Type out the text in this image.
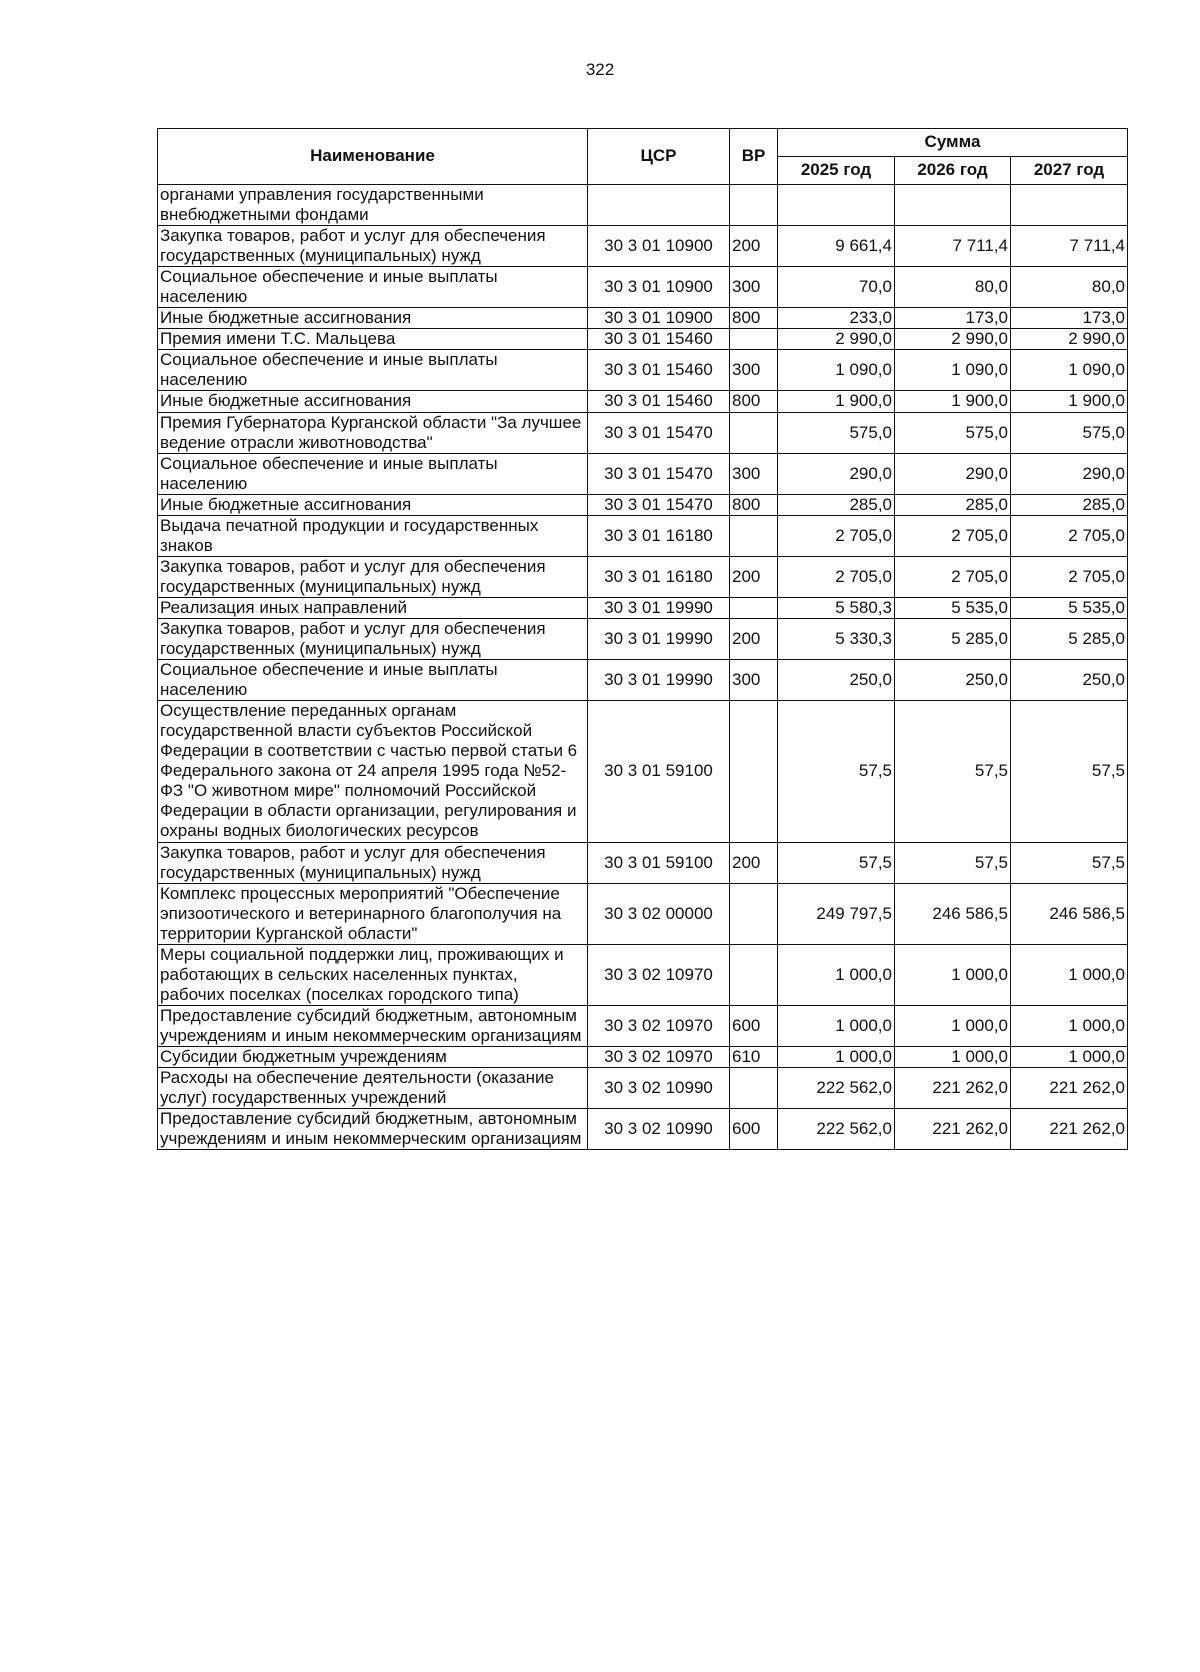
322
Наименование	ЦСР	ВР	Сумма		
			2025 год	2026 год	2027 год
органами управления государственными внебюджетными фондами					
Закупка товаров, работ и услуг для обеспечения государственных (муниципальных) нужд	30 3 01 10900	200	9 661,4	7 711,4	7 711,4
Социальное обеспечение и иные выплаты населению	30 3 01 10900	300	70,0	80,0	80,0
Иные бюджетные ассигнования	30 3 01 10900	800	233,0	173,0	173,0
Премия имени Т.С. Мальцева	30 3 01 15460		2 990,0	2 990,0	2 990,0
Социальное обеспечение и иные выплаты населению	30 3 01 15460	300	1 090,0	1 090,0	1 090,0
Иные бюджетные ассигнования	30 3 01 15460	800	1 900,0	1 900,0	1 900,0
Премия Губернатора Курганской области "За лучшее ведение отрасли животноводства"	30 3 01 15470		575,0	575,0	575,0
Социальное обеспечение и иные выплаты населению	30 3 01 15470	300	290,0	290,0	290,0
Иные бюджетные ассигнования	30 3 01 15470	800	285,0	285,0	285,0
Выдача печатной продукции и государственных знаков	30 3 01 16180		2 705,0	2 705,0	2 705,0
Закупка товаров, работ и услуг для обеспечения государственных (муниципальных) нужд	30 3 01 16180	200	2 705,0	2 705,0	2 705,0
Реализация иных направлений	30 3 01 19990		5 580,3	5 535,0	5 535,0
Закупка товаров, работ и услуг для обеспечения государственных (муниципальных) нужд	30 3 01 19990	200	5 330,3	5 285,0	5 285,0
Социальное обеспечение и иные выплаты населению	30 3 01 19990	300	250,0	250,0	250,0
Осуществление переданных органам государственной власти субъектов Российской Федерации в соответствии с частью первой статьи 6 Федерального закона от 24 апреля 1995 года №52-ФЗ "О животном мире" полномочий Российской Федерации в области организации, регулирования и охраны водных биологических ресурсов	30 3 01 59100		57,5	57,5	57,5
Закупка товаров, работ и услуг для обеспечения государственных (муниципальных) нужд	30 3 01 59100	200	57,5	57,5	57,5
Комплекс процессных мероприятий "Обеспечение эпизоотического и ветеринарного благополучия на территории Курганской области"	30 3 02 00000		249 797,5	246 586,5	246 586,5
Меры социальной поддержки лиц, проживающих и работающих в сельских населенных пунктах, рабочих поселках (поселках городского типа)	30 3 02 10970		1 000,0	1 000,0	1 000,0
Предоставление субсидий бюджетным, автономным учреждениям и иным некоммерческим организациям	30 3 02 10970	600	1 000,0	1 000,0	1 000,0
Субсидии бюджетным учреждениям	30 3 02 10970	610	1 000,0	1 000,0	1 000,0
Расходы на обеспечение деятельности (оказание услуг) государственных учреждений	30 3 02 10990		222 562,0	221 262,0	221 262,0
Предоставление субсидий бюджетным, автономным учреждениям и иным некоммерческим организациям	30 3 02 10990	600	222 562,0	221 262,0	221 262,0
